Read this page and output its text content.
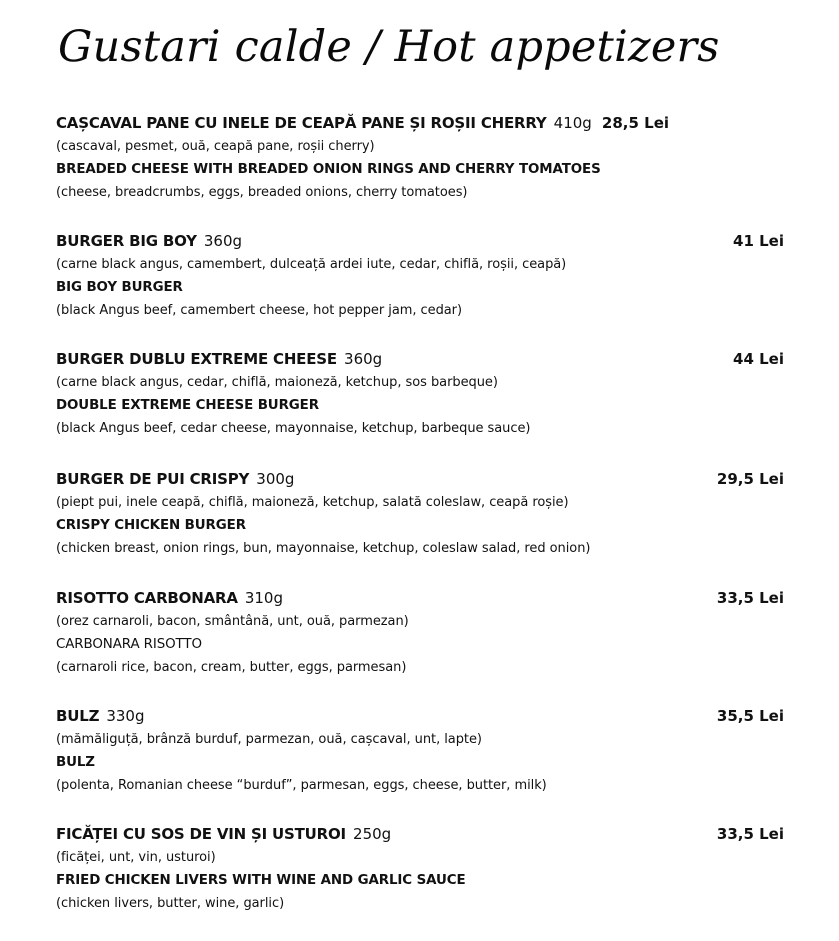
Gustari calde / Hot appetizers
CAȘCAVAL PANE CU INELE DE CEAPĂ PANE ȘI ROȘII CHERRY 410g 28,5 Lei
(cascaval, pesmet, ouă, ceapă pane, roșii cherry)
BREADED CHEESE WITH BREADED ONION RINGS AND CHERRY TOMATOES
(cheese, breadcrumbs, eggs, breaded onions, cherry tomatoes)
BURGER BIG BOY 360g	41 Lei
(carne black angus, camembert, dulceață ardei iute, cedar, chiflă, roșii, ceapă)
BIG BOY BURGER
(black Angus beef, camembert cheese, hot pepper jam, cedar)
BURGER DUBLU EXTREME CHEESE 360g	44 Lei
(carne black angus, cedar, chiflă, maioneză, ketchup, sos barbeque)
DOUBLE EXTREME CHEESE BURGER
(black Angus beef, cedar cheese, mayonnaise, ketchup, barbeque sauce)
BURGER DE PUI CRISPY 300g	29,5 Lei
(piept pui, inele ceapă, chiflă, maioneză, ketchup, salată coleslaw, ceapă roșie)
CRISPY CHICKEN BURGER
(chicken breast, onion rings, bun, mayonnaise, ketchup, coleslaw salad, red onion)
RISOTTO CARBONARA 310g	33,5 Lei
(orez carnaroli, bacon, smântână, unt, ouă, parmezan)
CARBONARA RISOTTO
(carnaroli rice, bacon, cream, butter, eggs, parmesan)
BULZ 330g	35,5 Lei
(mămăliguță, brânză burduf, parmezan, ouă, cașcaval, unt, lapte)
BULZ
(polenta, Romanian cheese “burduf”, parmesan, eggs, cheese, butter, milk)
FICĂȚEI CU SOS DE VIN ȘI USTUROI 250g	33,5 Lei
(ficăței, unt, vin, usturoi)
FRIED CHICKEN LIVERS WITH WINE AND GARLIC SAUCE
(chicken livers, butter, wine, garlic)
